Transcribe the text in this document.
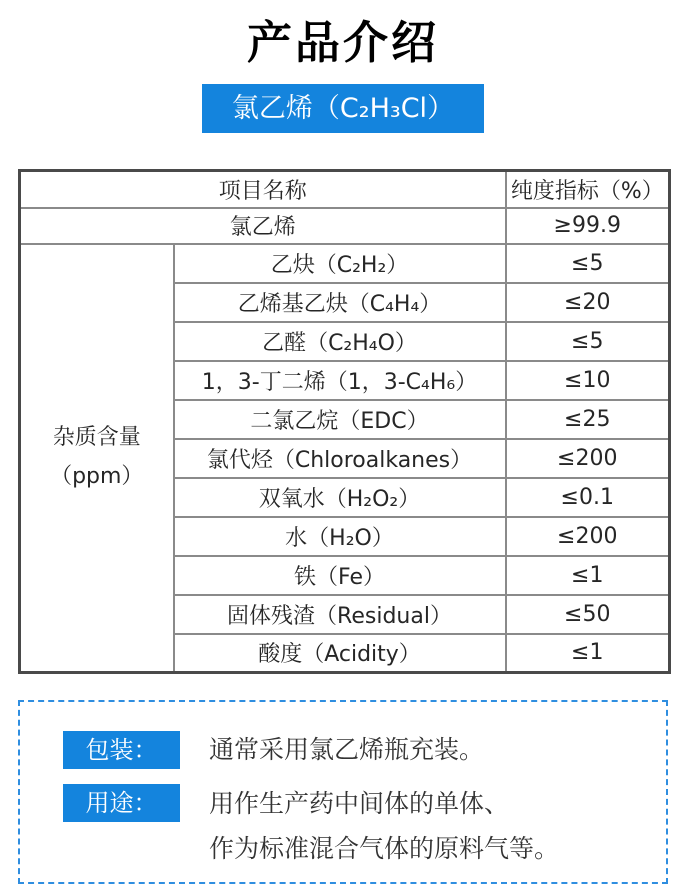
产品介绍
氯乙烯（C₂H₃Cl）
项目名称		纯度指标（%）
氯乙烯		≥99.9

杂质含量
（ppm）	乙炔（C₂H₂）	≤5
	乙烯基乙炔（C₄H₄）	≤20
	乙醛（C₂H₄O）	≤5
	1，3-丁二烯（1，3-C₄H₆）	≤10
	二氯乙烷（EDC）	≤25
	氯代烃（Chloroalkanes）	≤200
	双氧水（H₂O₂）	≤0.1
	水（H₂O）	≤200
	铁（Fe）	≤1
	固体残渣（Residual）	≤50
	酸度（Acidity）	≤1
包装：	通常采用氯乙烯瓶充装。
用途：	用作生产药中间体的单体、
作为标准混合气体的原料气等。
